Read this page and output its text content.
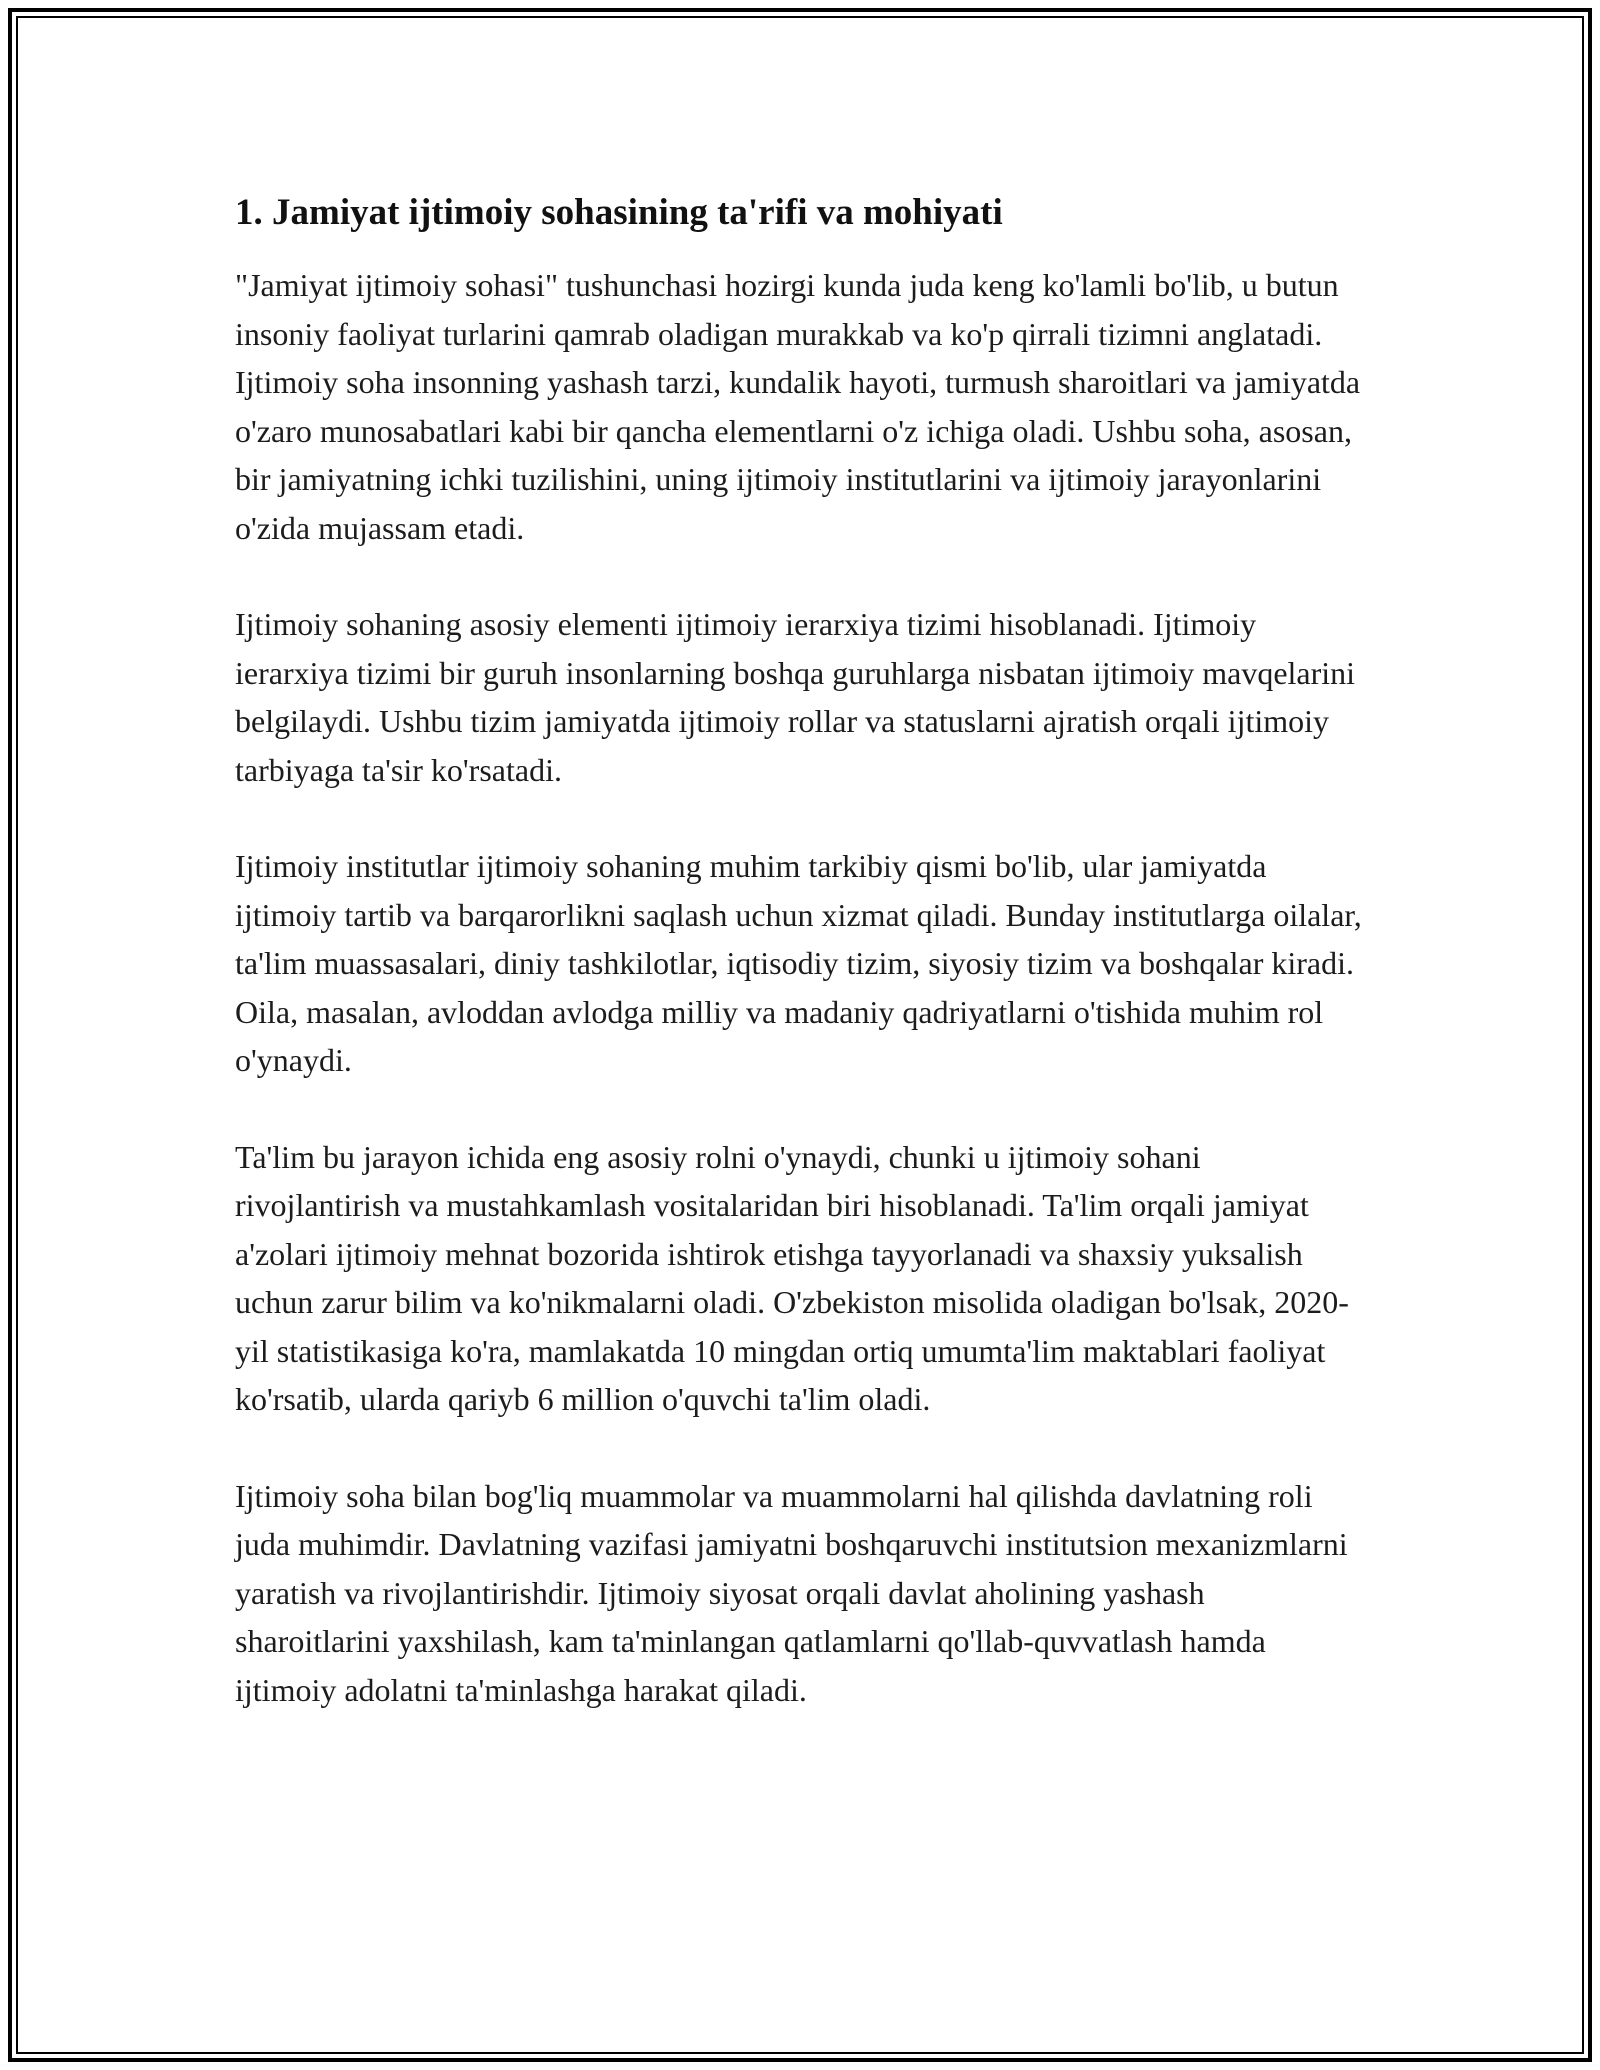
1. Jamiyat ijtimoiy sohasining ta'rifi va mohiyati

"Jamiyat ijtimoiy sohasi" tushunchasi hozirgi kunda juda keng ko'lamli bo'lib, u butun insoniy faoliyat turlarini qamrab oladigan murakkab va ko'p qirrali tizimni anglatadi. Ijtimoiy soha insonning yashash tarzi, kundalik hayoti, turmush sharoitlari va jamiyatda o'zaro munosabatlari kabi bir qancha elementlarni o'z ichiga oladi. Ushbu soha, asosan, bir jamiyatning ichki tuzilishini, uning ijtimoiy institutlarini va ijtimoiy jarayonlarini o'zida mujassam etadi.

Ijtimoiy sohaning asosiy elementi ijtimoiy ierarxiya tizimi hisoblanadi. Ijtimoiy ierarxiya tizimi bir guruh insonlarning boshqa guruhlarga nisbatan ijtimoiy mavqelarini belgilaydi. Ushbu tizim jamiyatda ijtimoiy rollar va statuslarni ajratish orqali ijtimoiy tarbiyaga ta'sir ko'rsatadi.

Ijtimoiy institutlar ijtimoiy sohaning muhim tarkibiy qismi bo'lib, ular jamiyatda ijtimoiy tartib va barqarorlikni saqlash uchun xizmat qiladi. Bunday institutlarga oilalar, ta'lim muassasalari, diniy tashkilotlar, iqtisodiy tizim, siyosiy tizim va boshqalar kiradi. Oila, masalan, avloddan avlodga milliy va madaniy qadriyatlarni o'tishida muhim rol o'ynaydi.

Ta'lim bu jarayon ichida eng asosiy rolni o'ynaydi, chunki u ijtimoiy sohani rivojlantirish va mustahkamlash vositalaridan biri hisoblanadi. Ta'lim orqali jamiyat a'zolari ijtimoiy mehnat bozorida ishtirok etishga tayyorlanadi va shaxsiy yuksalish uchun zarur bilim va ko'nikmalarni oladi. O'zbekiston misolida oladigan bo'lsak, 2020-yil statistikasiga ko'ra, mamlakatda 10 mingdan ortiq umumta'lim maktablari faoliyat ko'rsatib, ularda qariyb 6 million o'quvchi ta'lim oladi.

Ijtimoiy soha bilan bog'liq muammolar va muammolarni hal qilishda davlatning roli juda muhimdir. Davlatning vazifasi jamiyatni boshqaruvchi institutsion mexanizmlarni yaratish va rivojlantirishdir. Ijtimoiy siyosat orqali davlat aholining yashash sharoitlarini yaxshilash, kam ta'minlangan qatlamlarni qo'llab-quvvatlash hamda ijtimoiy adolatni ta'minlashga harakat qiladi.
